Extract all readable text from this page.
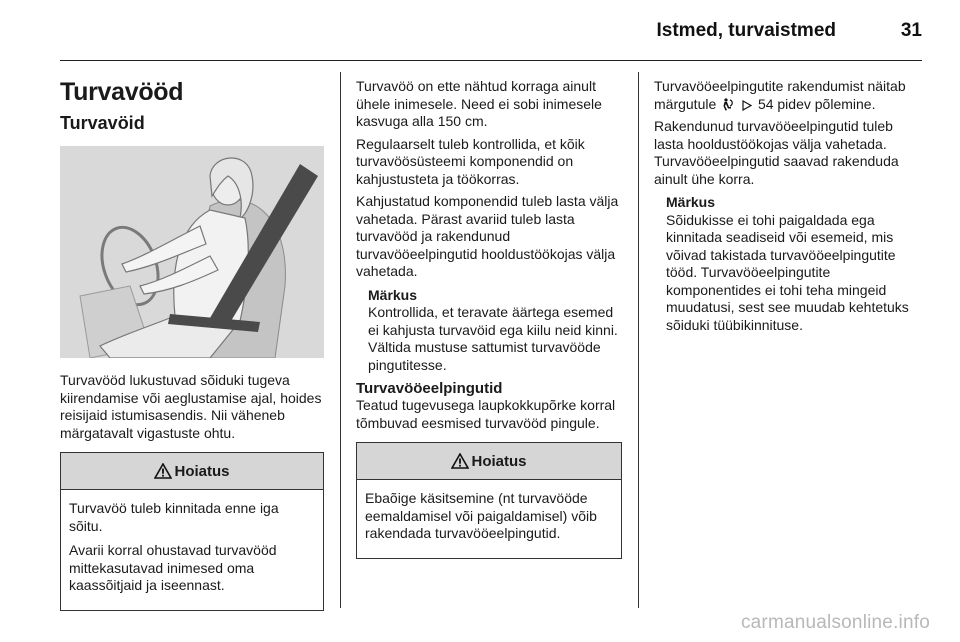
Istmed, turvaistmed	31
Turvavööd
Turvavöid

Turvavööd lukustuvad sõiduki tugeva kiirendamise või aeglustamise ajal, hoides reisijaid istumisasendis. Nii väheneb märgatavalt vigastuste ohtu.

Hoiatus

Turvavöö tuleb kinnitada enne iga sõitu.

Avarii korral ohustavad turvavööd mittekasutavad inimesed oma kaassõitjaid ja iseennast.

Turvavöö on ette nähtud korraga ainult ühele inimesele. Need ei sobi inimesele kasvuga alla 150 cm.

Regulaarselt tuleb kontrollida, et kõik turvavöösüsteemi komponendid on kahjustusteta ja töökorras.

Kahjustatud komponendid tuleb lasta välja vahetada. Pärast avariid tuleb lasta turvavööd ja rakendunud turvavööeelpingutid hooldustöökojas välja vahetada.

Märkus

Kontrollida, et teravate äärtega esemed ei kahjusta turvavöid ega kiilu neid kinni. Vältida mustuse sattumist turvavööde pingutitesse.

Turvavööeelpingutid

Teatud tugevusega laupkokkupõrke korral tõmbuvad eesmised turvavööd pingule.

Hoiatus

Ebaõige käsitsemine (nt turvavööde eemaldamisel või paigaldamisel) võib rakendada turvavööeelpingutid.

Turvavööeelpingutite rakendumist näitab märgutule	54 pidev põlemine.

Rakendunud turvavööeelpingutid tuleb lasta hooldustöökojas välja vahetada. Turvavööeelpingutid saavad rakenduda ainult ühe korra.

Märkus

Sõidukisse ei tohi paigaldada ega kinnitada seadiseid või esemeid, mis võivad takistada turvavööeelpingutite tööd. Turvavööeelpingutite komponentides ei tohi teha mingeid muudatusi, sest see muudab kehtetuks sõiduki tüübikinnituse.

carmanualsonline.info
